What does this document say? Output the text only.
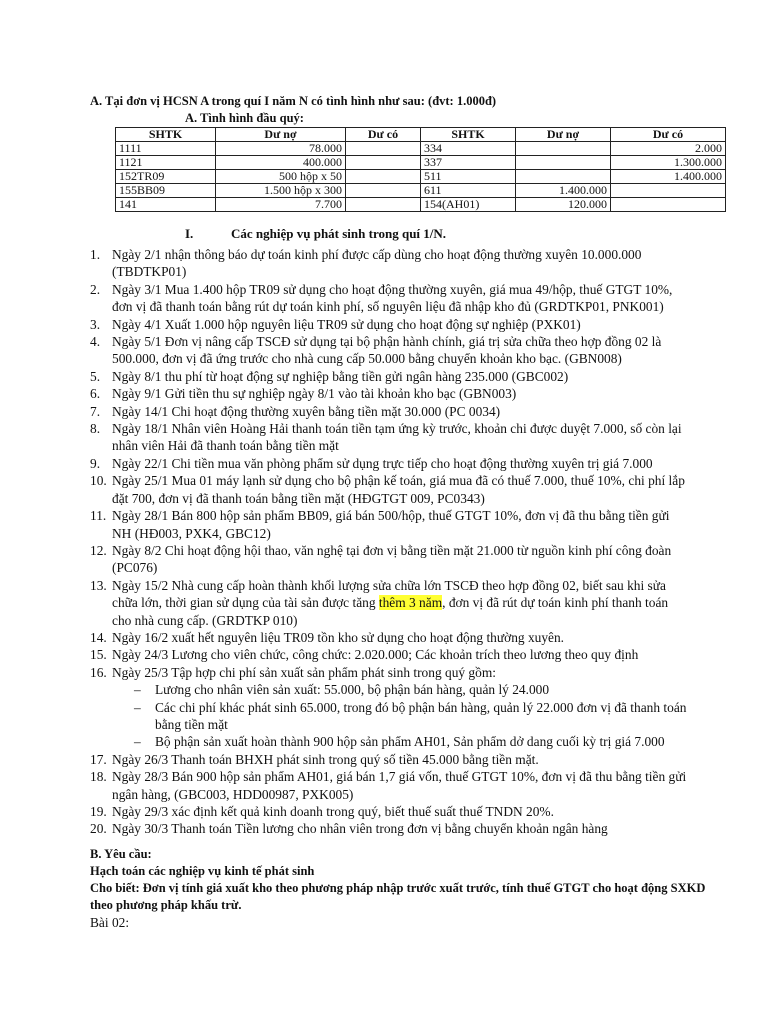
A. Tại đơn vị HCSN A trong quí I năm N có tình hình như sau: (đvt: 1.000đ)
A. Tình hình đầu quý:
SHTK	Dư nợ	Dư có	SHTK	Dư nợ	Dư có
1111	78.000		334		2.000
1121	400.000		337		1.300.000
152TR09	500 hộp x 50		511		1.400.000
155BB09	1.500 hộp x 300		611	1.400.000	
141	7.700		154(AH01)	120.000	
I.	Các nghiệp vụ phát sinh trong quí 1/N.
1. Ngày 2/1 nhận thông báo dự toán kinh phí được cấp dùng cho hoạt động thường xuyên 10.000.000 (TBDTKP01)
2. Ngày 3/1 Mua 1.400 hộp TR09 sử dụng cho hoạt động thường xuyên, giá mua 49/hộp, thuế GTGT 10%, đơn vị đã thanh toán bằng rút dự toán kinh phí, số nguyên liệu đã nhập kho đủ (GRDTKP01, PNK001)
3. Ngày 4/1 Xuất 1.000 hộp nguyên liệu TR09 sử dụng cho hoạt động sự nghiệp (PXK01)
4. Ngày 5/1 Đơn vị nâng cấp TSCĐ sử dụng tại bộ phận hành chính, giá trị sửa chữa theo hợp đồng 02 là 500.000, đơn vị đã ứng trước cho nhà cung cấp 50.000 bằng chuyển khoản kho bạc. (GBN008)
5. Ngày 8/1 thu phí từ hoạt động sự nghiệp bằng tiền gửi ngân hàng 235.000 (GBC002)
6. Ngày 9/1 Gửi tiền thu sự nghiệp ngày 8/1 vào tài khoản kho bạc (GBN003)
7. Ngày 14/1 Chi hoạt động thường xuyên bằng tiền mặt 30.000 (PC 0034)
8. Ngày 18/1 Nhân viên Hoàng Hải thanh toán tiền tạm ứng kỳ trước, khoản chi được duyệt 7.000, số còn lại nhân viên Hải đã thanh toán bằng tiền mặt
9. Ngày 22/1 Chi tiền mua văn phòng phẩm sử dụng trực tiếp cho hoạt động thường xuyên trị giá 7.000
10. Ngày 25/1 Mua 01 máy lạnh sử dụng cho bộ phận kế toán, giá mua đã có thuế 7.000, thuế 10%, chi phí lắp đặt 700, đơn vị đã thanh toán bằng tiền mặt (HĐGTGT 009, PC0343)
11. Ngày 28/1 Bán 800 hộp sản phẩm BB09, giá bán 500/hộp, thuế GTGT 10%, đơn vị đã thu bằng tiền gửi NH (HĐ003, PXK4, GBC12)
12. Ngày 8/2 Chi hoạt động hội thao, văn nghệ tại đơn vị bằng tiền mặt 21.000 từ nguồn kinh phí công đoàn (PC076)
13. Ngày 15/2 Nhà cung cấp hoàn thành khối lượng sửa chữa lớn TSCĐ theo hợp đồng 02, biết sau khi sửa chữa lớn, thời gian sử dụng của tài sản được tăng thêm 3 năm, đơn vị đã rút dự toán kinh phí thanh toán cho nhà cung cấp. (GRDTKP 010)
14. Ngày 16/2 xuất hết nguyên liệu TR09 tồn kho sử dụng cho hoạt động thường xuyên.
15. Ngày 24/3 Lương cho viên chức, công chức: 2.020.000; Các khoản trích theo lương theo quy định
16. Ngày 25/3 Tập hợp chi phí sản xuất sản phẩm phát sinh trong quý gồm:
– Lương cho nhân viên sản xuất: 55.000, bộ phận bán hàng, quản lý 24.000
– Các chi phí khác phát sinh 65.000, trong đó bộ phận bán hàng, quản lý 22.000 đơn vị đã thanh toán bằng tiền mặt
– Bộ phận sản xuất hoàn thành 900 hộp sản phẩm AH01, Sản phẩm dở dang cuối kỳ trị giá 7.000
17. Ngày 26/3 Thanh toán BHXH phát sinh trong quý số tiền 45.000 bằng tiền mặt.
18. Ngày 28/3 Bán 900 hộp sản phẩm AH01, giá bán 1,7 giá vốn, thuế GTGT 10%, đơn vị đã thu bằng tiền gửi ngân hàng, (GBC003, HDD00987, PXK005)
19. Ngày 29/3 xác định kết quả kinh doanh trong quý, biết thuế suất thuế TNDN 20%.
20. Ngày 30/3 Thanh toán Tiền lương cho nhân viên trong đơn vị bằng chuyển khoản ngân hàng
B. Yêu cầu:
Hạch toán các nghiệp vụ kinh tế phát sinh
Cho biết: Đơn vị tính giá xuất kho theo phương pháp nhập trước xuất trước, tính thuế GTGT cho hoạt động SXKD theo phương pháp khấu trừ.
Bài 02:
